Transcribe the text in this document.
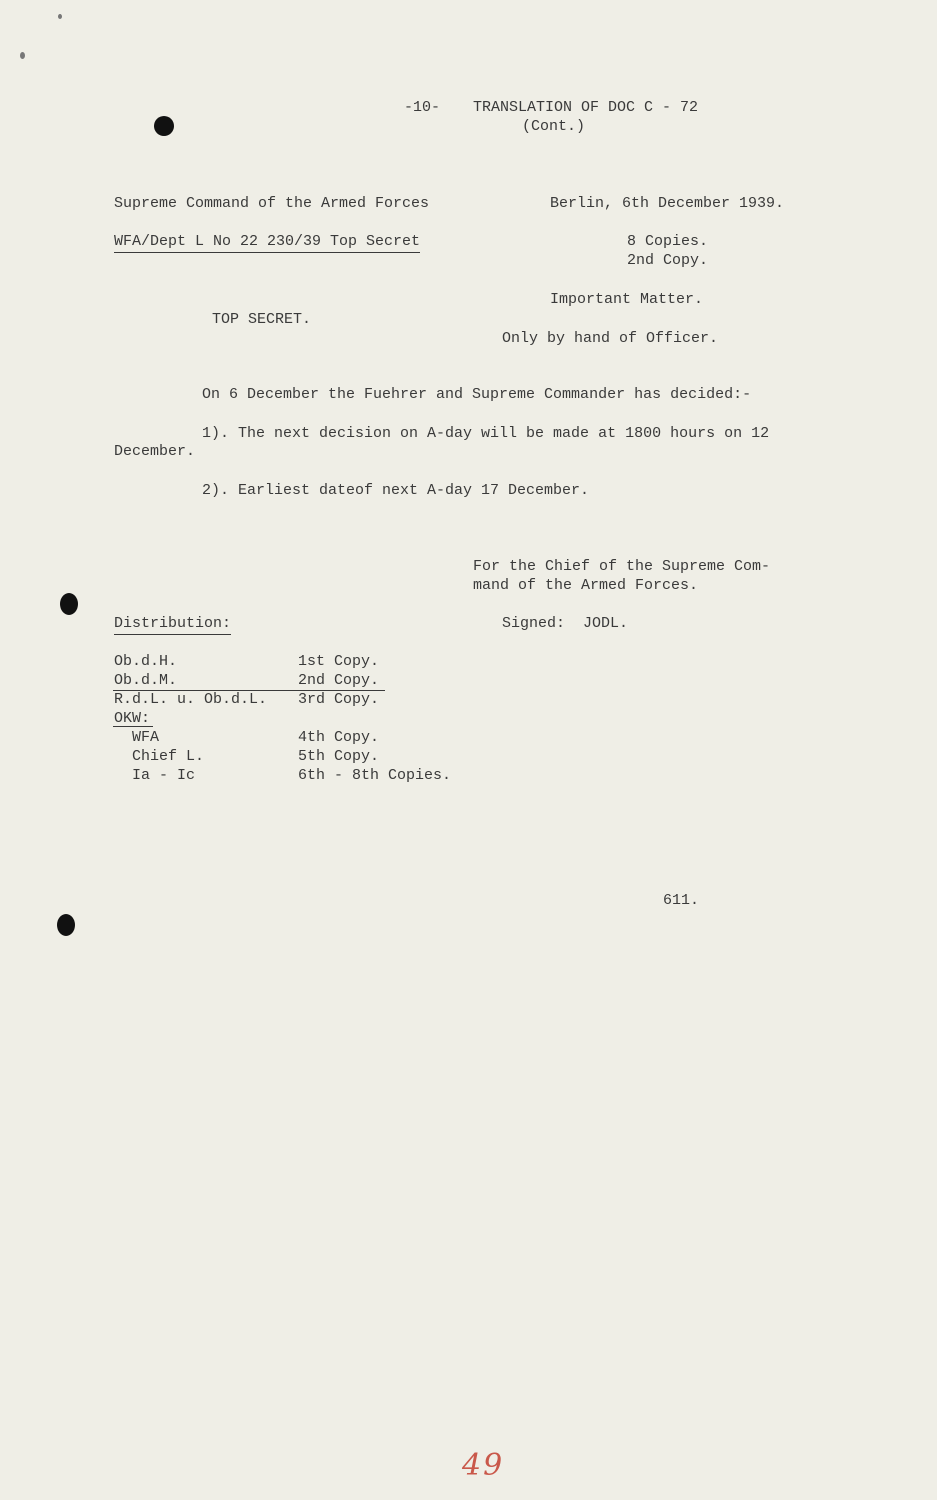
-10- TRANSLATION OF DOC C - 72
(Cont.)
Supreme Command of the Armed Forces
WFA/Dept L No 22 230/39 Top Secret
Berlin, 6th December 1939.
8 Copies.
2nd Copy.
Important Matter.
TOP SECRET.
Only by hand of Officer.
On 6 December the Fuehrer and Supreme Commander has decided:-
1). The next decision on A-day will be made at 1800 hours on 12
December.
2). Earliest dateof next A-day 17 December.
For the Chief of the Supreme Com-
mand of the Armed Forces.
Signed:  JODL.
Distribution:
Ob.d.H.	1st Copy.
Ob.d.M.	2nd Copy.
R.d.L. u. Ob.d.L. 3rd Copy.
OKW:
WFA	4th Copy.
Chief L.	5th Copy.
Ia - Ic	6th - 8th Copies.
611.
49
